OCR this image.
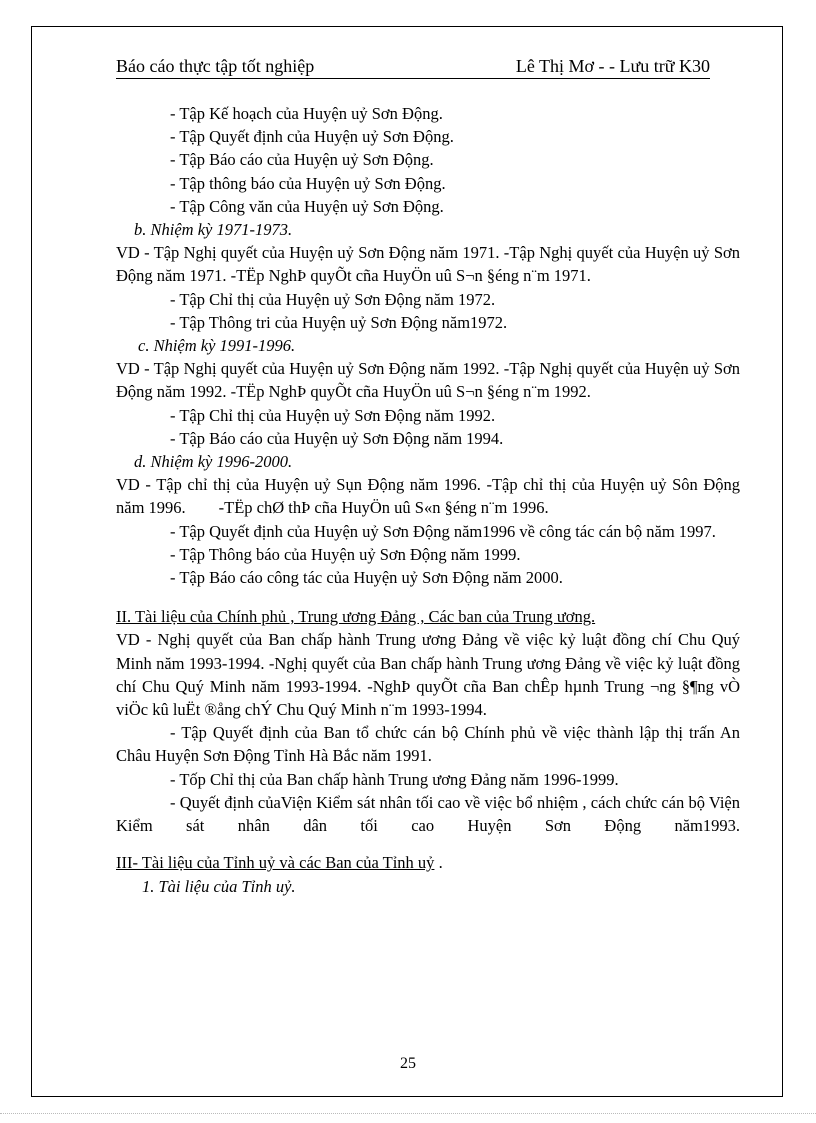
Báo cáo thực tập tốt nghiệp	Lê Thị Mơ - - Lưu trữ K30

- Tập Kế hoạch của Huyện uỷ Sơn Động.

- Tập Quyết định của Huyện uỷ Sơn Động.

- Tập Báo cáo của Huyện uỷ Sơn Động.

- Tập thông báo của Huyện uỷ Sơn Động.

- Tập Công văn của Huyện uỷ Sơn Động.

b. Nhiệm kỳ 1971-1973.

VD - Tập Nghị quyết của Huyện uỷ Sơn Động năm 1971. -Tập Nghị quyết của Huyện uỷ Sơn Động năm 1971. -TËp NghÞ quyÕt cña HuyÖn uû S¬n §éng n¨m 1971.

- Tập Chỉ thị của Huyện uỷ Sơn Động năm 1972.

- Tập Thông tri của Huyện uỷ Sơn Động năm1972.

c. Nhiệm kỳ 1991-1996.

VD - Tập Nghị quyết của Huyện uỷ Sơn Động năm 1992. -Tập Nghị quyết của Huyện uỷ Sơn Động năm 1992. -TËp NghÞ quyÕt cña HuyÖn uû S¬n §éng n¨m 1992.

- Tập Chỉ thị của Huyện uỷ Sơn Động năm 1992.

- Tập Báo cáo của Huyện uỷ Sơn Động năm 1994.

d. Nhiệm kỳ 1996-2000.

VD - Tập chỉ thị của Huyện uỷ Sụn Động năm 1996. -Tập chỉ thị của Huyện uỷ Sôn Động năm 1996.        -TËp chØ thÞ cña HuyÖn uû S«n §éng n¨m 1996.

- Tập Quyết định của Huyện uỷ Sơn Động năm1996 về công tác cán bộ năm 1997.

- Tập Thông báo của Huyện uỷ Sơn Động năm 1999.

- Tập Báo cáo công tác của Huyện uỷ Sơn Động năm 2000.

II. Tài liệu của Chính phủ , Trung ương Đảng , Các ban của Trung ương.

VD - Nghị quyết của Ban chấp hành Trung ương Đảng về việc kỷ luật đồng chí Chu Quý Minh năm 1993-1994. -Nghị quyết của Ban chấp hành Trung ương Đảng về việc kỷ luật đồng chí Chu Quý Minh năm 1993-1994. -NghÞ quyÕt cña Ban chÊp hµnh Trung ¬ng §¶ng vÒ viÖc kû luËt ®ång chÝ Chu Quý Minh n¨m 1993-1994.

- Tập Quyết định của Ban tổ chức cán bộ Chính phủ về việc thành lập thị trấn An Châu Huyện Sơn Động Tỉnh Hà Bắc năm 1991.

- Tốp Chỉ thị của Ban chấp hành Trung ương Đảng năm 1996-1999.

- Quyết định củaViện Kiểm sát nhân tối cao về việc bổ nhiệm , cách chức cán bộ Viện Kiểm sát nhân dân tối cao Huyện Sơn Động năm1993.

III- Tài liệu của Tỉnh uỷ và các Ban của Tỉnh uỷ .

1. Tài liệu của Tỉnh uỷ.

25
